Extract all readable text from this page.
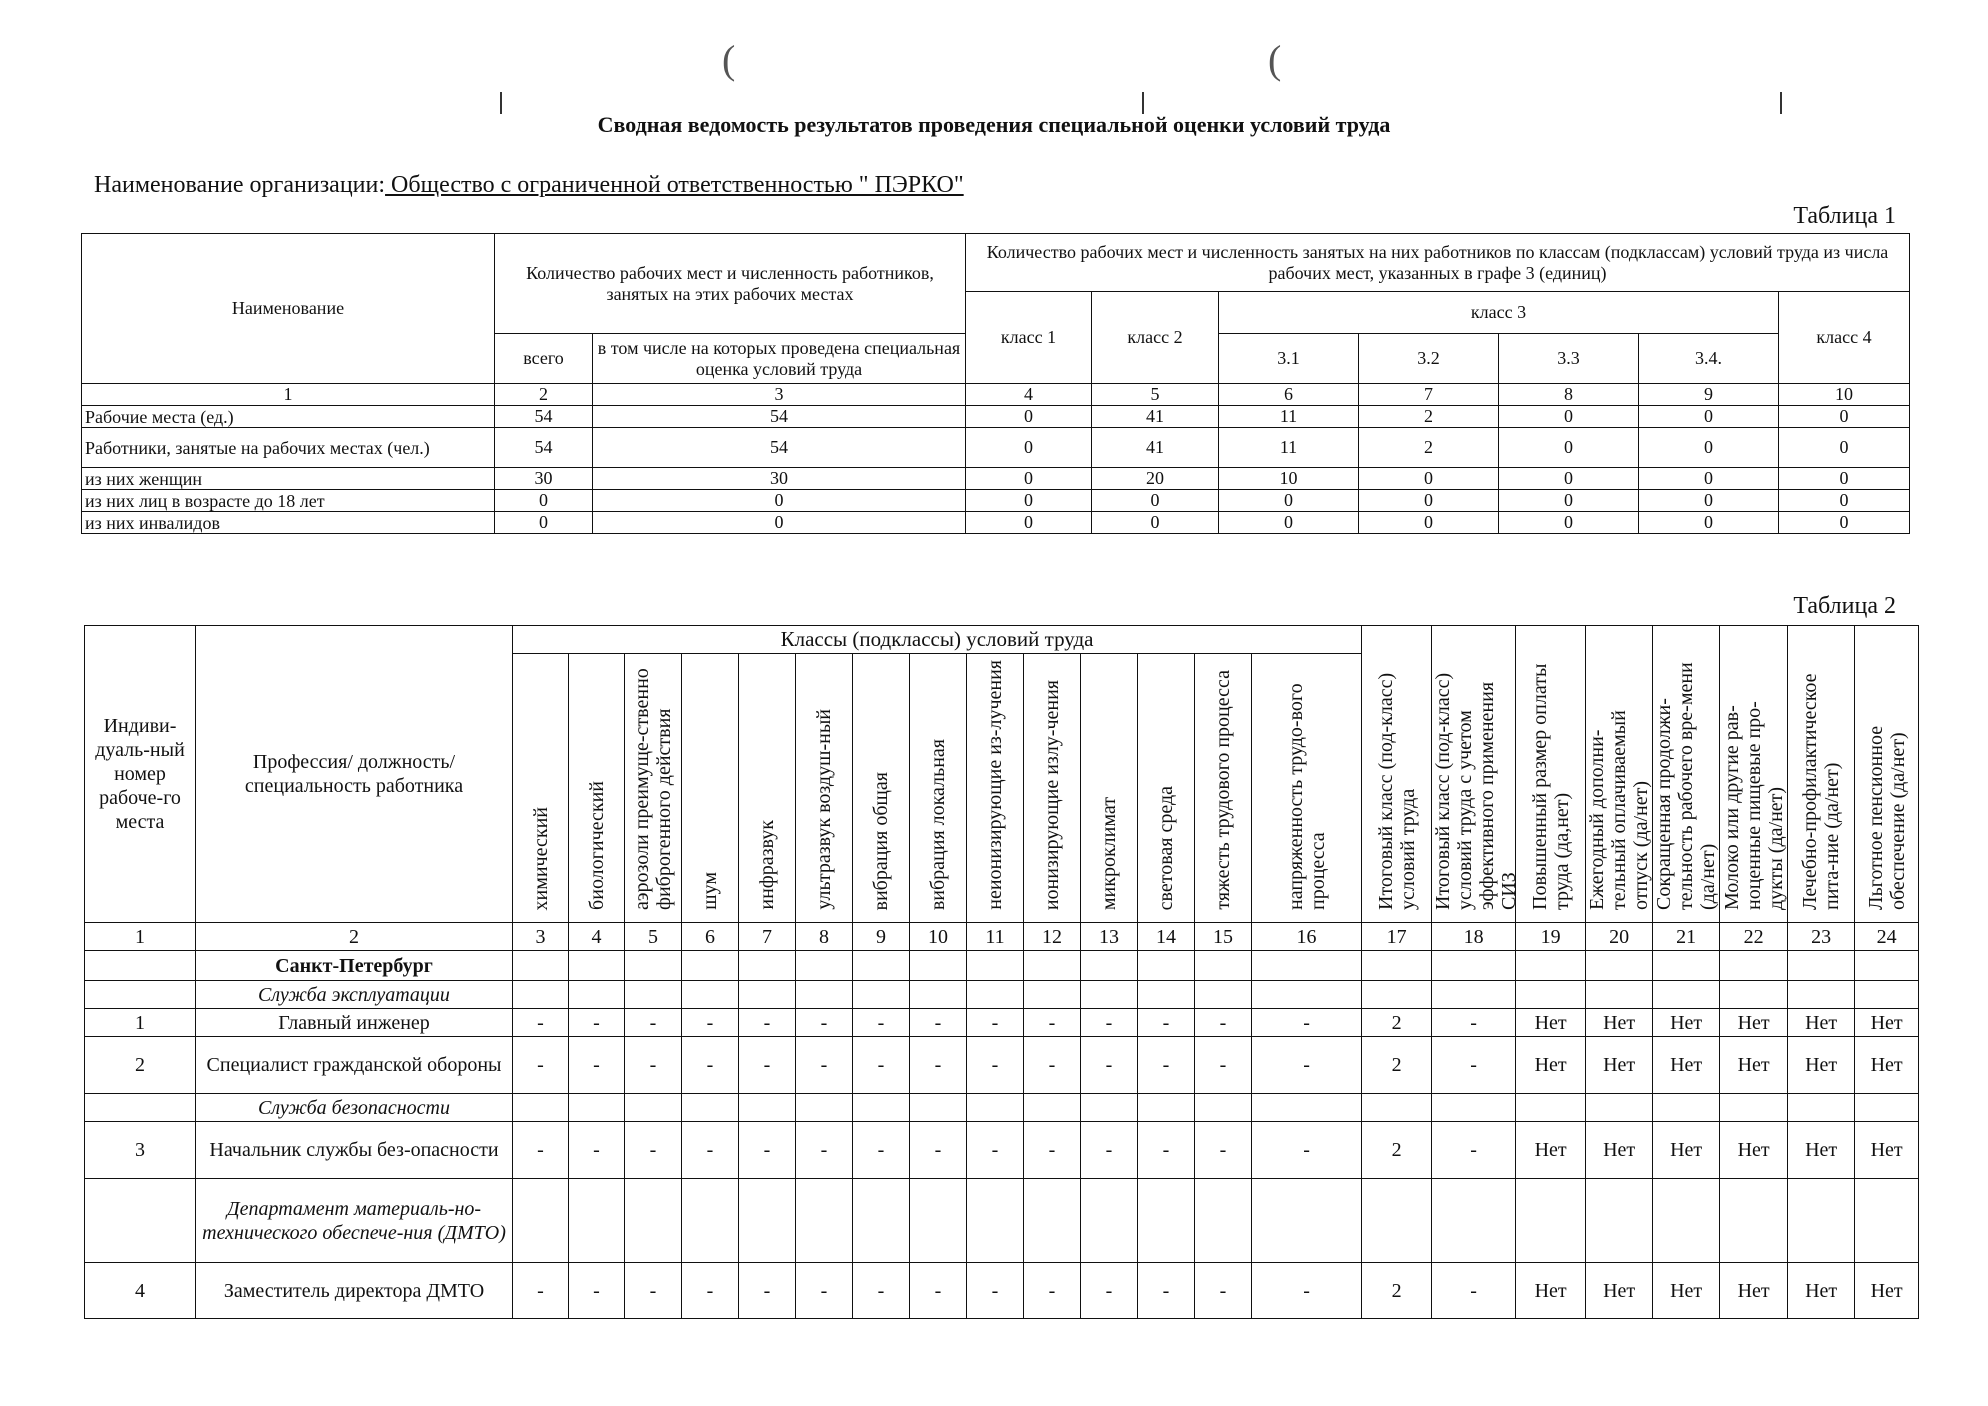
(	(
Сводная ведомость результатов проведения специальной оценки условий труда
Наименование организации: Общество с ограниченной ответственностью " ПЭРКО"
Таблица 1
Наименование	Количество рабочих мест и численность работников, занятых на этих рабочих местах		Количество рабочих мест и численность занятых на них работников по классам (подклассам) условий труда из числа рабочих мест, указанных в графе 3 (единиц)						
			класс 1	класс 2	класс 3				класс 4
	всего	в том числе на которых проведена специальная оценка условий труда			3.1	3.2	3.3	3.4.	
1	2	3	4	5	6	7	8	9	10
Рабочие места (ед.)	54	54	0	41	11	2	0	0	0
Работники, занятые на рабочих местах (чел.)	54	54	0	41	11	2	0	0	0
из них женщин	30	30	0	20	10	0	0	0	0
из них лиц в возрасте до 18 лет	0	0	0	0	0	0	0	0	0
из них инвалидов	0	0	0	0	0	0	0	0	0
Таблица 2
Индиви-дуаль-ный номер рабоче-го места	Профессия/ должность/ специальность работника	Классы (подклассы) условий труда														Итоговый класс (под-класс) условий труда	Итоговый класс (под-класс) условий труда с учетом эффективного применения СИЗ	Повышенный размер оплаты труда (да,нет)	Ежегодный дополни-тельный оплачиваемый отпуск (да/нет)	Сокращенная продолжи-тельность рабочего вре-мени (да/нет)	Молоко или другие рав-ноценные пищевые про-дукты (да/нет)	Лечебно-профилактическое пита-ние (да/нет)	Льготное пенсионное обеспечение (да/нет)
		химический	биологический	аэрозоли преимуще-ственно фиброгенного действия	шум	инфразвук	ультразвук воздуш-ный	вибрация общая	вибрация локальная	неионизирующие из-лучения	ионизирующие излу-чения	микроклимат	световая среда	тяжесть трудового процесса	напряженность трудо-вого процесса								
1	2	3	4	5	6	7	8	9	10	11	12	13	14	15	16	17	18	19	20	21	22	23	24
	Санкт-Петербург																						
	Служба эксплуатации																						
1	Главный инженер	-	-	-	-	-	-	-	-	-	-	-	-	-	-	2	-	Нет	Нет	Нет	Нет	Нет	Нет
2	Специалист гражданской обороны	-	-	-	-	-	-	-	-	-	-	-	-	-	-	2	-	Нет	Нет	Нет	Нет	Нет	Нет
	Служба безопасности																						
3	Начальник службы без-опасности	-	-	-	-	-	-	-	-	-	-	-	-	-	-	2	-	Нет	Нет	Нет	Нет	Нет	Нет
	Департамент материаль-но-технического обеспече-ния (ДМТО)																						
4	Заместитель директора ДМТО	-	-	-	-	-	-	-	-	-	-	-	-	-	-	2	-	Нет	Нет	Нет	Нет	Нет	Нет
